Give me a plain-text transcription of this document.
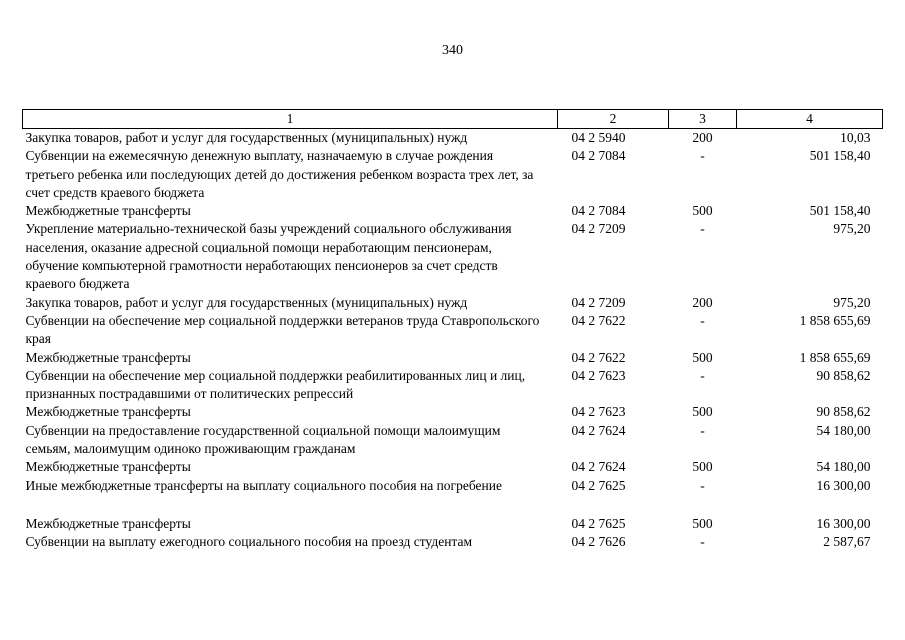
340
1	2	3	4
Закупка товаров, работ и услуг для государственных (муниципальных) нужд	04 2 5940	200	10,03
Субвенции на ежемесячную денежную выплату, назначаемую в случае рождения третьего ребенка или последующих детей до достижения ребенком возраста трех лет, за счет средств краевого бюджета	04 2 7084	-	501 158,40
Межбюджетные трансферты	04 2 7084	500	501 158,40
Укрепление материально-технической базы учреждений социального обслуживания населения, оказание адресной социальной помощи неработающим пенсионерам, обучение компьютерной грамотности неработающих пенсионеров за счет средств краевого бюджета	04 2 7209	-	975,20
Закупка товаров, работ и услуг для государственных (муниципальных) нужд	04 2 7209	200	975,20
Субвенции на обеспечение мер социальной поддержки ветеранов труда Ставропольского края	04 2 7622	-	1 858 655,69
Межбюджетные трансферты	04 2 7622	500	1 858 655,69
Субвенции на обеспечение мер социальной поддержки реабилитированных лиц и лиц, признанных пострадавшими от политических репрессий	04 2 7623	-	90 858,62
Межбюджетные трансферты	04 2 7623	500	90 858,62
Субвенции на предоставление государственной социальной помощи малоимущим семьям, малоимущим одиноко проживающим гражданам	04 2 7624	-	54 180,00
Межбюджетные трансферты	04 2 7624	500	54 180,00
Иные межбюджетные трансферты на выплату социального пособия на погребение	04 2 7625	-	16 300,00
Межбюджетные трансферты	04 2 7625	500	16 300,00
Субвенции на выплату ежегодного социального пособия на проезд студентам	04 2 7626	-	2 587,67
